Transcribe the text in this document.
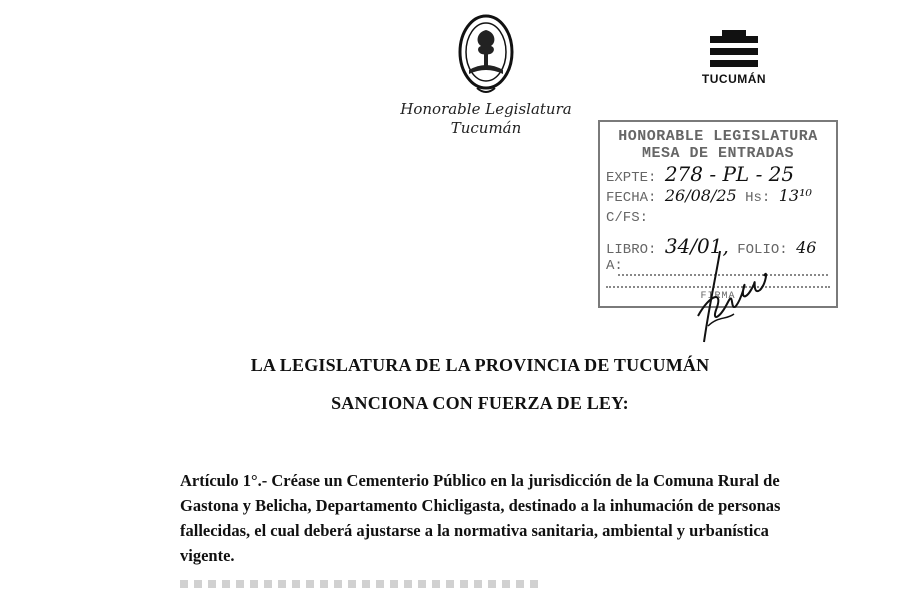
Honorable Legislatura
Tucumán
TUCUMÁN
HONORABLE LEGISLATURA
MESA DE ENTRADAS
EXPTE: 278 - PL - 25
FECHA: 26/08/25 Hs: 13¹⁰
C/FS:
LIBRO: 34/01, FOLIO: 46
A:
FIRMA
LA LEGISLATURA DE LA PROVINCIA DE TUCUMÁN
SANCIONA CON FUERZA DE LEY:
Artículo 1°.- Créase un Cementerio Público en la jurisdicción de la Comuna Rural de Gastona y Belicha, Departamento Chicligasta, destinado a la inhumación de personas fallecidas, el cual deberá ajustarse a la normativa sanitaria, ambiental y urbanística vigente.
